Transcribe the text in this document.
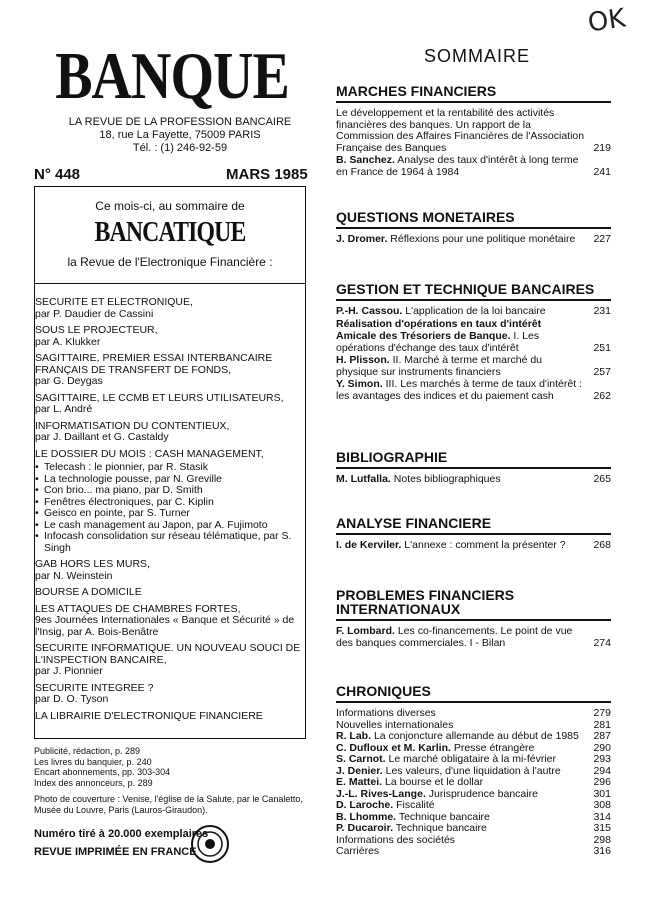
OK
BANQUE
LA REVUE DE LA PROFESSION BANCAIRE
18, rue La Fayette, 75009 PARIS
Tél. : (1) 246-92-59
N° 448	MARS 1985
Ce mois-ci, au sommaire de
BANCATIQUE
la Revue de l'Electronique Financière :
SECURITE ET ELECTRONIQUE,
par P. Daudier de Cassini
SOUS LE PROJECTEUR,
par A. Klukker
SAGITTAIRE, PREMIER ESSAI INTERBANCAIRE FRANÇAIS DE TRANSFERT DE FONDS,
par G. Deygas
SAGITTAIRE, LE CCMB ET LEURS UTILISATEURS,
par L. André
INFORMATISATION DU CONTENTIEUX,
par J. Daillant et G. Castaldy
LE DOSSIER DU MOIS : CASH MANAGEMENT,
• Telecash : le pionnier, par R. Stasik
• La technologie pousse, par N. Greville
• Con brio... ma piano, par D. Smith
• Fenêtres électroniques, par C. Kiplin
• Geisco en pointe, par S. Turner
• Le cash management au Japon, par A. Fujimoto
• Infocash consolidation sur réseau télématique, par S. Singh
GAB HORS LES MURS,
par N. Weinstein
BOURSE A DOMICILE
LES ATTAQUES DE CHAMBRES FORTES,
9es Journées Internationales « Banque et Sécurité » de l'Insig, par A. Bois-Benâtre
SECURITE INFORMATIQUE. UN NOUVEAU SOUCI DE L'INSPECTION BANCAIRE,
par J. Pionnier
SECURITE INTEGREE ?
par D. O. Tyson
LA LIBRAIRIE D'ELECTRONIQUE FINANCIERE
Publicité, rédaction, p. 289
Les livres du banquier, p. 240
Encart abonnements, pp. 303-304
Index des annonceurs, p. 289
Photo de couverture : Venise, l'église de la Salute, par le Canaletto, Musée du Louvre, Paris (Lauros-Giraudon).
Numéro tiré à 20.000 exemplaires
REVUE IMPRIMÉE EN FRANCE
SOMMAIRE
MARCHES FINANCIERS
Le développement et la rentabilité des activités financières des banques. Un rapport de la Commission des Affaires Financières de l'Association Française des Banques	219
B. Sanchez. Analyse des taux d'intérêt à long terme en France de 1964 à 1984	241
QUESTIONS MONETAIRES
J. Dromer. Réflexions pour une politique monétaire	227
GESTION ET TECHNIQUE BANCAIRES
P.-H. Cassou. L'application de la loi bancaire	231
Réalisation d'opérations en taux d'intérêt
Amicale des Trésoriers de Banque. I. Les opérations d'échange des taux d'intérêt	251
H. Plisson. II. Marché à terme et marché du physique sur instruments financiers	257
Y. Simon. III. Les marchés à terme de taux d'intérêt : les avantages des indices et du paiement cash	262
BIBLIOGRAPHIE
M. Lutfalla. Notes bibliographiques	265
ANALYSE FINANCIERE
I. de Kerviler. L'annexe : comment la présenter ?	268
PROBLEMES FINANCIERS INTERNATIONAUX
F. Lombard. Les co-financements. Le point de vue des banques commerciales. I - Bilan	274
CHRONIQUES
Informations diverses	279
Nouvelles internationales	281
R. Lab. La conjoncture allemande au début de 1985	287
C. Dufloux et M. Karlin. Presse étrangère	290
S. Carnot. Le marché obligataire à la mi-février	293
J. Denier. Les valeurs, d'une liquidation à l'autre	294
E. Mattei. La bourse et le dollar	296
J.-L. Rives-Lange. Jurisprudence bancaire	301
D. Laroche. Fiscalité	308
B. Lhomme. Technique bancaire	314
P. Ducaroir. Technique bancaire	315
Informations des sociétés	298
Carrières	316
